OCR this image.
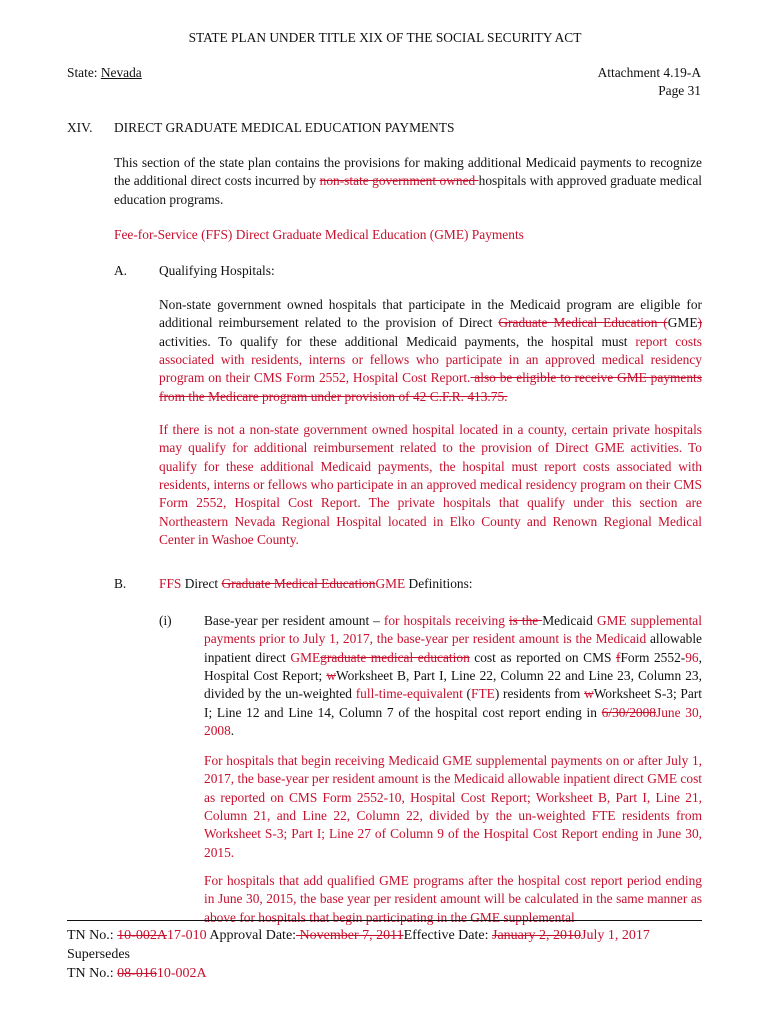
STATE PLAN UNDER TITLE XIX OF THE SOCIAL SECURITY ACT
State: Nevada	Attachment 4.19-A
Page 31
XIV. DIRECT GRADUATE MEDICAL EDUCATION PAYMENTS
This section of the state plan contains the provisions for making additional Medicaid payments to recognize the additional direct costs incurred by non-state government owned hospitals with approved graduate medical education programs.
Fee-for-Service (FFS) Direct Graduate Medical Education (GME) Payments
A. Qualifying Hospitals:
Non-state government owned hospitals that participate in the Medicaid program are eligible for additional reimbursement related to the provision of Direct Graduate Medical Education (GME) activities. To qualify for these additional Medicaid payments, the hospital must report costs associated with residents, interns or fellows who participate in an approved medical residency program on their CMS Form 2552, Hospital Cost Report. also be eligible to receive GME payments from the Medicare program under provision of 42 C.F.R. 413.75.
If there is not a non-state government owned hospital located in a county, certain private hospitals may qualify for additional reimbursement related to the provision of Direct GME activities. To qualify for these additional Medicaid payments, the hospital must report costs associated with residents, interns or fellows who participate in an approved medical residency program on their CMS Form 2552, Hospital Cost Report. The private hospitals that qualify under this section are Northeastern Nevada Regional Hospital located in Elko County and Renown Regional Medical Center in Washoe County.
B. FFS Direct Graduate Medical EducationGME Definitions:
(i) Base-year per resident amount – for hospitals receiving is the Medicaid GME supplemental payments prior to July 1, 2017, the base-year per resident amount is the Medicaid allowable inpatient direct GMEgraduate medical education cost as reported on CMS fForm 2552-96, Hospital Cost Report; wWorksheet B, Part I, Line 22, Column 22 and Line 23, Column 23, divided by the un-weighted full-time-equivalent (FTE) residents from wWorksheet S-3; Part I; Line 12 and Line 14, Column 7 of the hospital cost report ending in 6/30/2008June 30, 2008.
For hospitals that begin receiving Medicaid GME supplemental payments on or after July 1, 2017, the base-year per resident amount is the Medicaid allowable inpatient direct GME cost as reported on CMS Form 2552-10, Hospital Cost Report; Worksheet B, Part I, Line 21, Column 21, and Line 22, Column 22, divided by the un-weighted FTE residents from Worksheet S-3; Part I; Line 27 of Column 9 of the Hospital Cost Report ending in June 30, 2015.
For hospitals that add qualified GME programs after the hospital cost report period ending in June 30, 2015, the base year per resident amount will be calculated in the same manner as above for hospitals that begin participating in the GME supplemental
TN No.: 10-002A17-010 Approval Date: November 7, 2011Effective Date: January 2, 2010July 1, 2017
Supersedes
TN No.: 08-01610-002A
